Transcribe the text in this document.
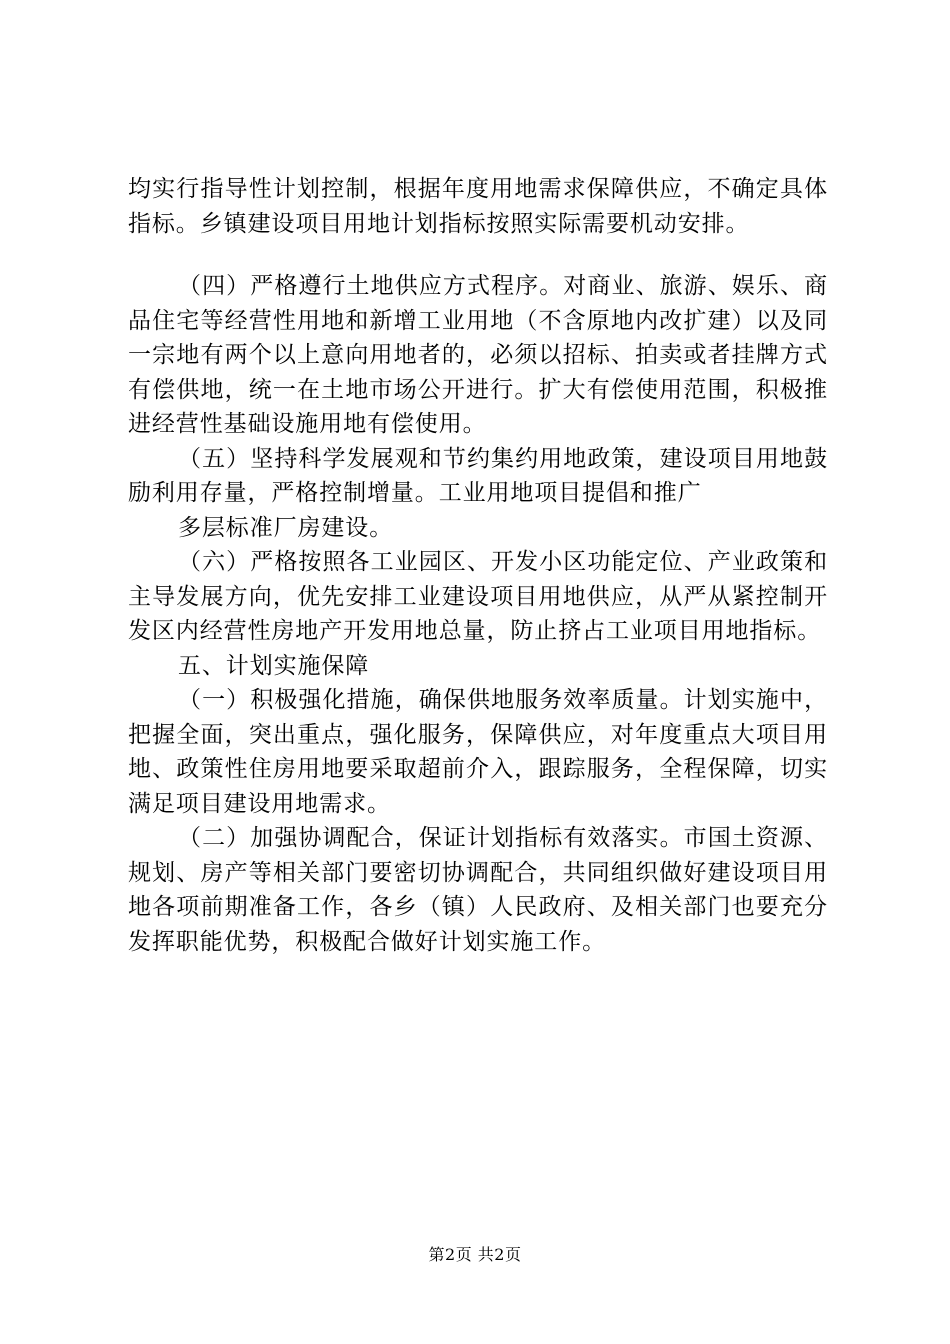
均实行指导性计划控制，根据年度用地需求保障供应，不确定具体指标。乡镇建设项目用地计划指标按照实际需要机动安排。

（四）严格遵行土地供应方式程序。对商业、旅游、娱乐、商品住宅等经营性用地和新增工业用地（不含原地内改扩建）以及同一宗地有两个以上意向用地者的，必须以招标、拍卖或者挂牌方式有偿供地，统一在土地市场公开进行。扩大有偿使用范围，积极推进经营性基础设施用地有偿使用。

（五）坚持科学发展观和节约集约用地政策，建设项目用地鼓励利用存量，严格控制增量。工业用地项目提倡和推广

多层标准厂房建设。

（六）严格按照各工业园区、开发小区功能定位、产业政策和主导发展方向，优先安排工业建设项目用地供应，从严从紧控制开发区内经营性房地产开发用地总量，防止挤占工业项目用地指标。

五、计划实施保障

（一）积极强化措施，确保供地服务效率质量。计划实施中，把握全面，突出重点，强化服务，保障供应，对年度重点大项目用地、政策性住房用地要采取超前介入，跟踪服务，全程保障，切实满足项目建设用地需求。

（二）加强协调配合，保证计划指标有效落实。市国土资源、规划、房产等相关部门要密切协调配合，共同组织做好建设项目用地各项前期准备工作，各乡（镇）人民政府、及相关部门也要充分发挥职能优势，积极配合做好计划实施工作。

第2页 共2页
